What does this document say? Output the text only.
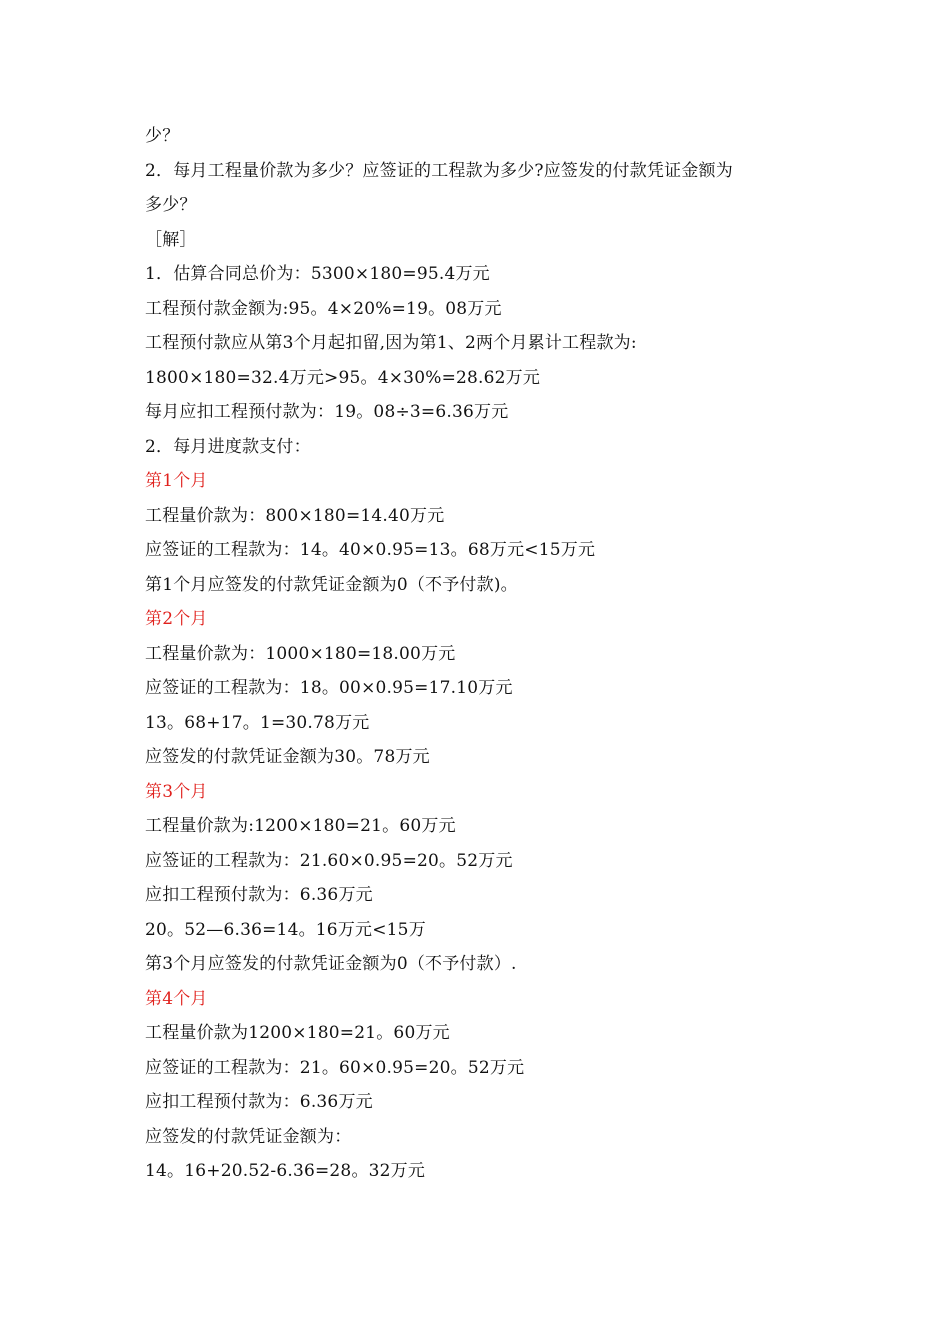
少？
2．每月工程量价款为多少？应签证的工程款为多少?应签发的付款凭证金额为
多少？
［解］
1．估算合同总价为：5300×180=95.4万元
工程预付款金额为:95。4×20%=19。08万元
工程预付款应从第3个月起扣留,因为第1、2两个月累计工程款为:
1800×180=32.4万元>95。4×30%=28.62万元
每月应扣工程预付款为：19。08÷3=6.36万元
2．每月进度款支付：
第1个月
工程量价款为：800×180=14.40万元
应签证的工程款为：14。40×0.95=13。68万元<15万元
第1个月应签发的付款凭证金额为0（不予付款)。
第2个月
工程量价款为：1000×180=18.00万元
应签证的工程款为：18。00×0.95=17.10万元
13。68+17。1=30.78万元
应签发的付款凭证金额为30。78万元
第3个月
工程量价款为:1200×180=21。60万元
应签证的工程款为：21.60×0.95=20。52万元
应扣工程预付款为：6.36万元
20。52—6.36=14。16万元<15万
第3个月应签发的付款凭证金额为0（不予付款）.
第4个月
工程量价款为1200×180=21。60万元
应签证的工程款为：21。60×0.95=20。52万元
应扣工程预付款为：6.36万元
应签发的付款凭证金额为：
14。16+20.52-6.36=28。32万元
